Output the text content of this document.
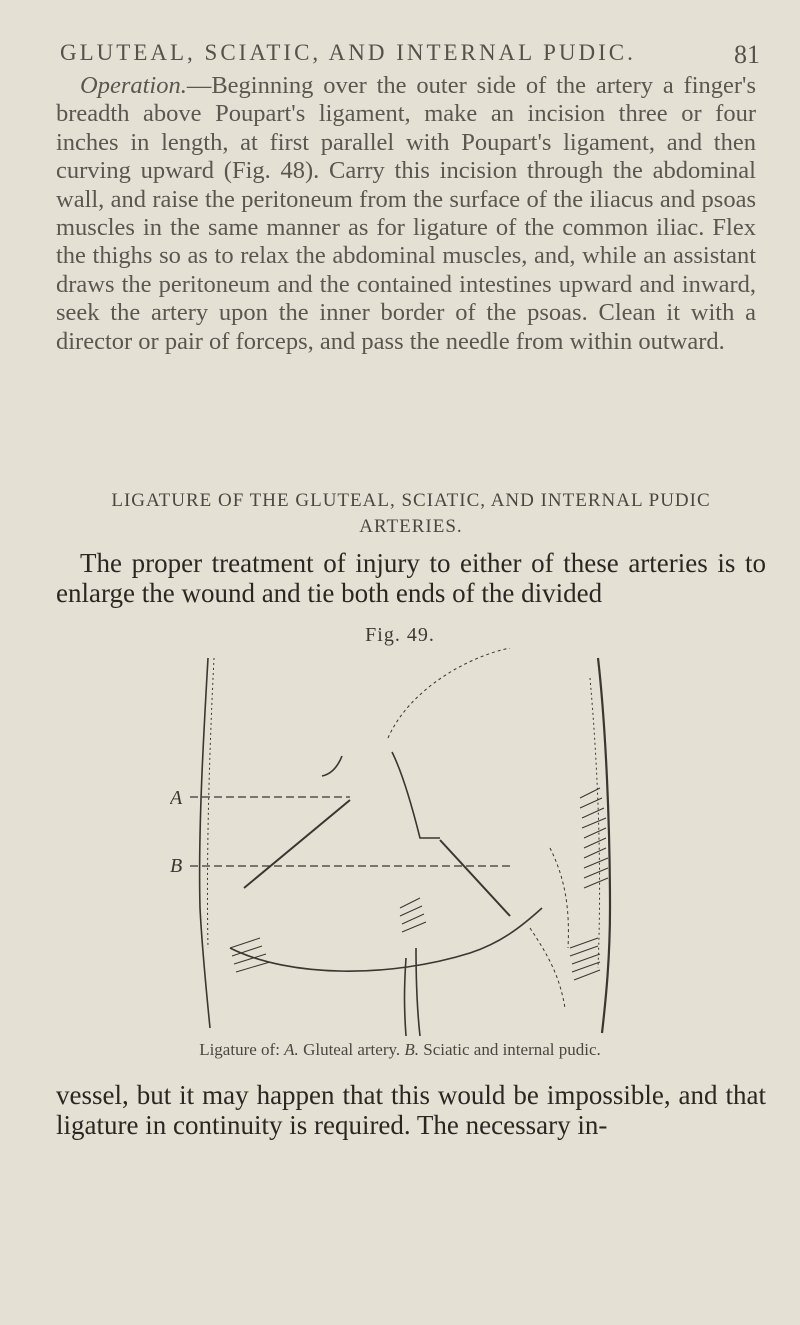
GLUTEAL, SCIATIC, AND INTERNAL PUDIC.	81
Operation.—Beginning over the outer side of the artery a finger's breadth above Poupart's ligament, make an incision three or four inches in length, at first parallel with Poupart's ligament, and then curving upward (Fig. 48). Carry this incision through the abdominal wall, and raise the peritoneum from the surface of the iliacus and psoas muscles in the same manner as for ligature of the common iliac. Flex the thighs so as to relax the abdominal muscles, and, while an assistant draws the peritoneum and the contained intestines upward and inward, seek the artery upon the inner border of the psoas. Clean it with a director or pair of forceps, and pass the needle from within outward.
LIGATURE OF THE GLUTEAL, SCIATIC, AND INTERNAL PUDIC
ARTERIES.
The proper treatment of injury to either of these arteries is to enlarge the wound and tie both ends of the divided
Fig. 49.
A
B
Ligature of: A. Gluteal artery. B. Sciatic and internal pudic.
vessel, but it may happen that this would be impossible, and that ligature in continuity is required. The necessary in-
